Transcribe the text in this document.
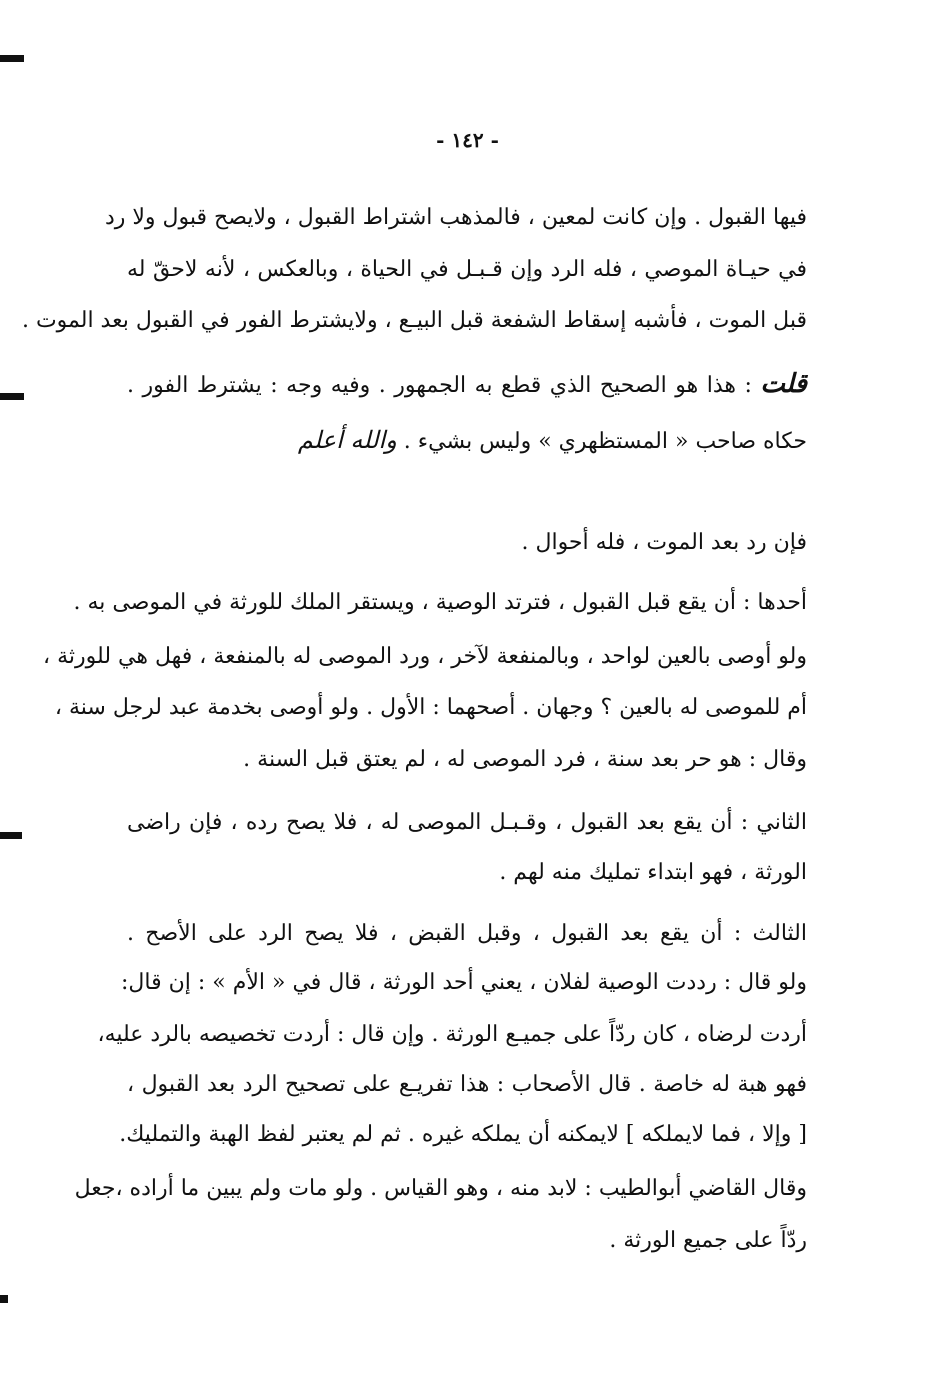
- ١٤٢ -
فيها القبول . وإن كانت لمعين ، فالمذهب اشتراط القبول ، ولايصح قبول ولا رد
في حيـاة الموصي ، فله الرد وإن قـبـل في الحياة ، وبالعكس ، لأنه لاحقّ له
قبل الموت ، فأشبه إسقاط الشفعة قبل البيـع ، ولايشترط الفور في القبول بعد الموت .
قلت : هذا هو الصحيح الذي قطع به الجمهور . وفيه وجه : يشترط الفور .
حكاه صاحب « المستظهري » وليس بشيء . والله أعلم
فإن رد بعد الموت ، فله أحوال .
أحدها : أن يقع قبل القبول ، فترتد الوصية ، ويستقر الملك للورثة في الموصى به .
ولو أوصى بالعين لواحد ، وبالمنفعة لآخر ، ورد الموصى له بالمنفعة ، فهل هي للورثة ،
أم للموصى له بالعين ؟ وجهان . أصحهما : الأول . ولو أوصى بخدمة عبد لرجل سنة ،
وقال : هو حر بعد سنة ، فرد الموصى له ، لم يعتق قبل السنة .
الثاني : أن يقع بعد القبول ، وقـبـل الموصى له ، فلا يصح رده ، فإن راضى
الورثة ، فهو ابتداء تمليك منه لهم .
الثالث : أن يقع بعد القبول ، وقبل القبض ، فلا يصح الرد على الأصح .
ولو قال : رددت الوصية لفلان ، يعني أحد الورثة ، قال في « الأم » : إن قال:
أردت لرضاه ، كان ردّاً على جميـع الورثة . وإن قال : أردت تخصيصه بالرد عليه،
فهو هبة له خاصة . قال الأصحاب : هذا تفريـع على تصحيح الرد بعد القبول ،
[ وإلا ، فما لايملكه ] لايمكنه أن يملكه غيره . ثم لم يعتبر لفظ الهبة والتمليك.
وقال القاضي أبوالطيب : لابد منه ، وهو القياس . ولو مات ولم يبين ما أراده ،جعل
ردّاً على جميع الورثة .
